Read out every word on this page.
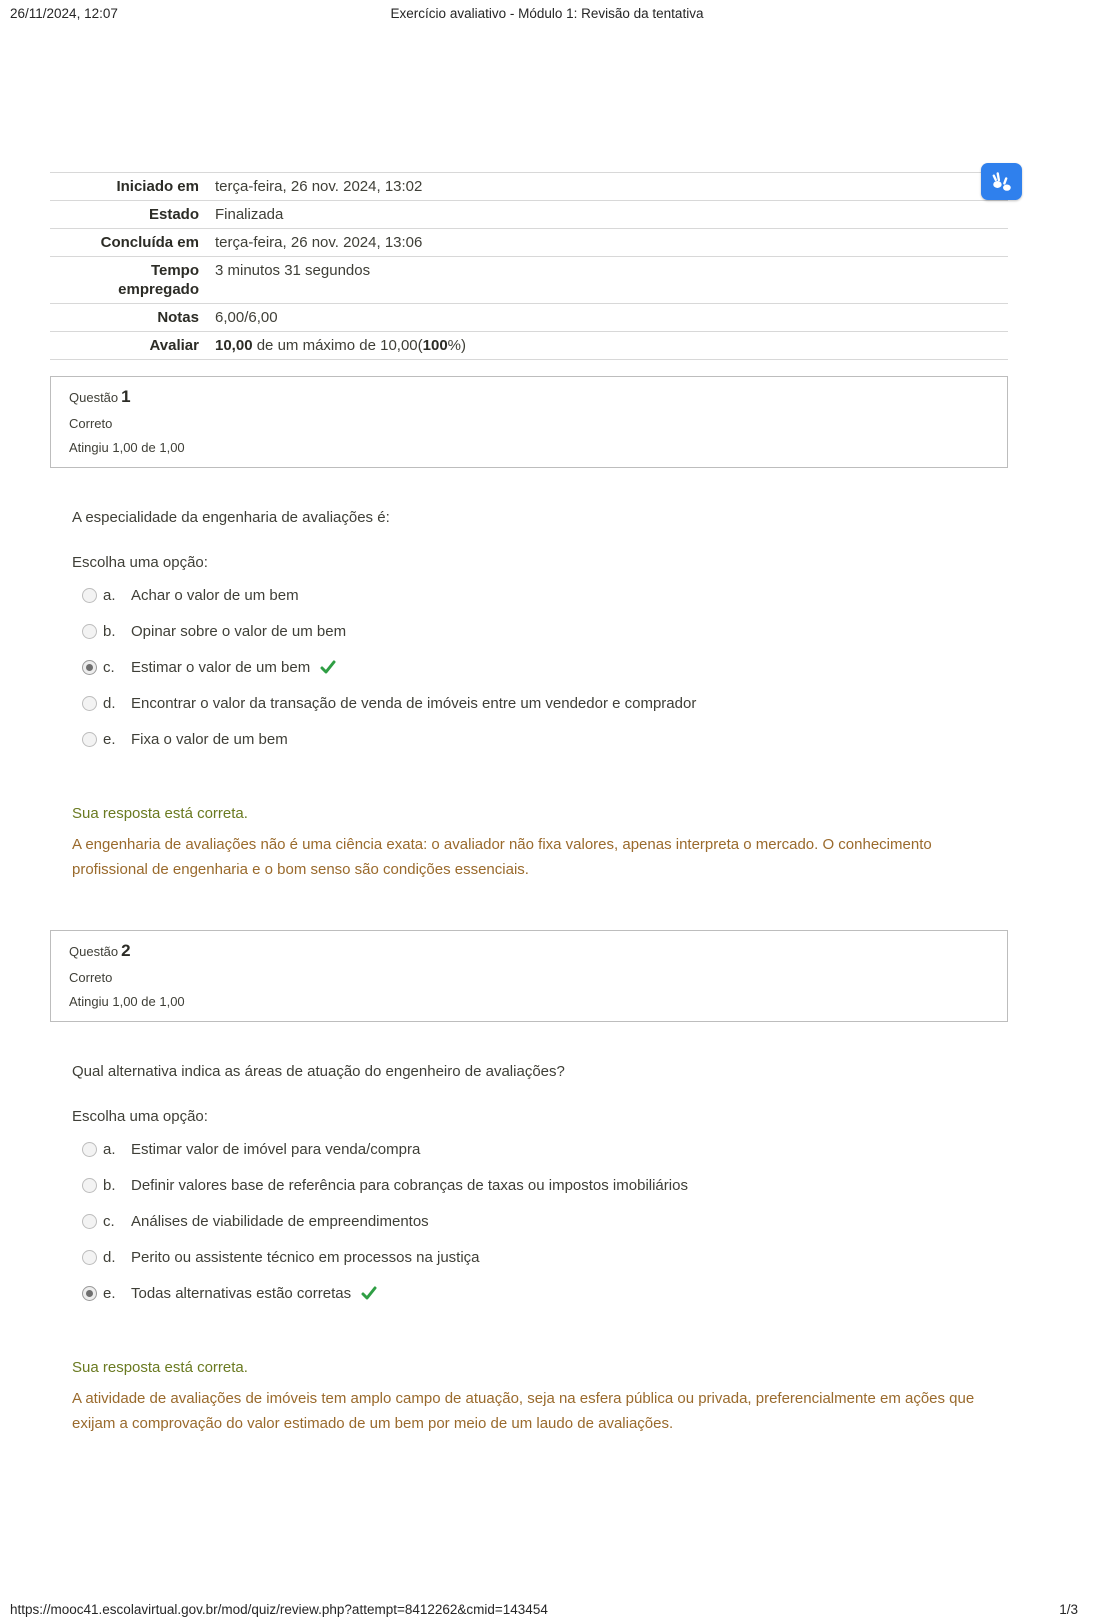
26/11/2024, 12:07	Exercício avaliativo - Módulo 1: Revisão da tentativa
Iniciado em terça-feira, 26 nov. 2024, 13:02
Estado Finalizada
Concluída em terça-feira, 26 nov. 2024, 13:06
Tempo empregado
3 minutos 31 segundos
Notas 6,00/6,00
Avaliar 10,00 de um máximo de 10,00(100%)
Questão 1
Correto
Atingiu 1,00 de 1,00
A especialidade da engenharia de avaliações é:
Escolha uma opção:
a.	Achar o valor de um bem
b.	Opinar sobre o valor de um bem
c.	Estimar o valor de um bem
d.	Encontrar o valor da transação de venda de imóveis entre um vendedor e comprador
e.	Fixa o valor de um bem
Sua resposta está correta.
A engenharia de avaliações não é uma ciência exata: o avaliador não fixa valores, apenas interpreta o mercado. O conhecimento profissional de engenharia e o bom senso são condições essenciais.
Questão 2
Correto
Atingiu 1,00 de 1,00
Qual alternativa indica as áreas de atuação do engenheiro de avaliações?
Escolha uma opção:
a.	Estimar valor de imóvel para venda/compra
b.	Definir valores base de referência para cobranças de taxas ou impostos imobiliários
c.	Análises de viabilidade de empreendimentos
d.	Perito ou assistente técnico em processos na justiça
e.	Todas alternativas estão corretas
Sua resposta está correta.
A atividade de avaliações de imóveis tem amplo campo de atuação, seja na esfera pública ou privada, preferencialmente em ações que exijam a comprovação do valor estimado de um bem por meio de um laudo de avaliações.
https://mooc41.escolavirtual.gov.br/mod/quiz/review.php?attempt=8412262&cmid=143454	1/3
